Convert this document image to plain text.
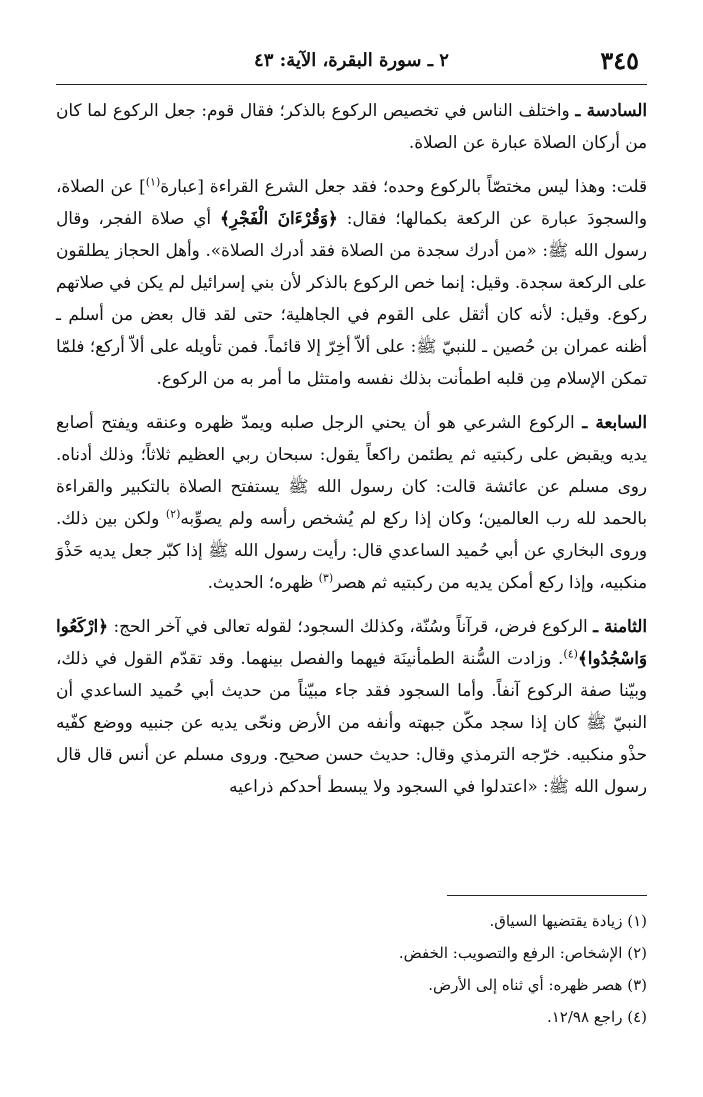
٣٤٥
٢ ـ سورة البقرة، الآية: ٤٣

السادسة ـ واختلف الناس في تخصيص الركوع بالذكر؛ فقال قوم: جعل الركوع لما كان من أركان الصلاة عبارة عن الصلاة.

قلت: وهذا ليس مختصّاً بالركوع وحده؛ فقد جعل الشرع القراءة [عبارة$^{(١)}$] عن الصلاة، والسجودَ عبارة عن الركعة بكمالها؛ فقال: ﴿وَقُرْءَانَ الْفَجْرِ﴾ أي صلاة الفجر، وقال رسول الله ﷺ: «من أدرك سجدة من الصلاة فقد أدرك الصلاة». وأهل الحجاز يطلقون على الركعة سجدة. وقيل: إنما خص الركوع بالذكر لأن بني إسرائيل لم يكن في صلاتهم ركوع. وقيل: لأنه كان أثقل على القوم في الجاهلية؛ حتى لقد قال بعض من أسلم ـ أظنه عمران بن حُصين ـ للنبيّ ﷺ: على ألاّ أخِرّ إلا قائماً. فمن تأويله على ألاّ أركع؛ فلمّا تمكن الإسلام مِن قلبه اطمأنت بذلك نفسه وامتثل ما أمر به من الركوع.

السابعة ـ الركوع الشرعي هو أن يحني الرجل صلبه ويمدّ ظهره وعنقه ويفتح أصابع يديه ويقبض على ركبتيه ثم يطئمن راكعاً يقول: سبحان ربي العظيم ثلاثاً؛ وذلك أدناه. روى مسلم عن عائشة قالت: كان رسول الله ﷺ يستفتح الصلاة بالتكبير والقراءة بالحمد لله رب العالمين؛ وكان إذا ركع لم يُشخص رأسه ولم يصوِّبه$^{(٢)}$ ولكن بين ذلك. وروى البخاري عن أبي حُميد الساعدي قال: رأيت رسول الله ﷺ إذا كبّر جعل يديه حَذْوَ منكبيه، وإذا ركع أمكن يديه من ركبتيه ثم هصر$^{(٣)}$ ظهره؛ الحديث.

الثامنة ـ الركوع فرض، قرآناً وسُنّة، وكذلك السجود؛ لقوله تعالى في آخر الحج: ﴿ارْكَعُوا وَاسْجُدُوا﴾$^{(٤)}$. وزادت السُّنة الطمأنينَة فيهما والفصل بينهما. وقد تقدّم القول في ذلك، وبيّنا صفة الركوع آنفاً. وأما السجود فقد جاء مبيّناً من حديث أبي حُميد الساعدي أن النبيّ ﷺ كان إذا سجد مكّن جبهته وأنفه من الأرض ونحّى يديه عن جنبيه ووضع كفّيه حذْو منكبيه. خرّجه الترمذي وقال: حديث حسن صحيح. وروى مسلم عن أنس قال قال رسول الله ﷺ: «اعتدلوا في السجود ولا يبسط أحدكم ذراعيه

(١) زيادة يقتضيها السياق.
(٢) الإشخاص: الرفع والتصويب: الخفض.
(٣) هصر ظهره: أي ثناه إلى الأرض.
(٤) راجع ١٢/٩٨.
